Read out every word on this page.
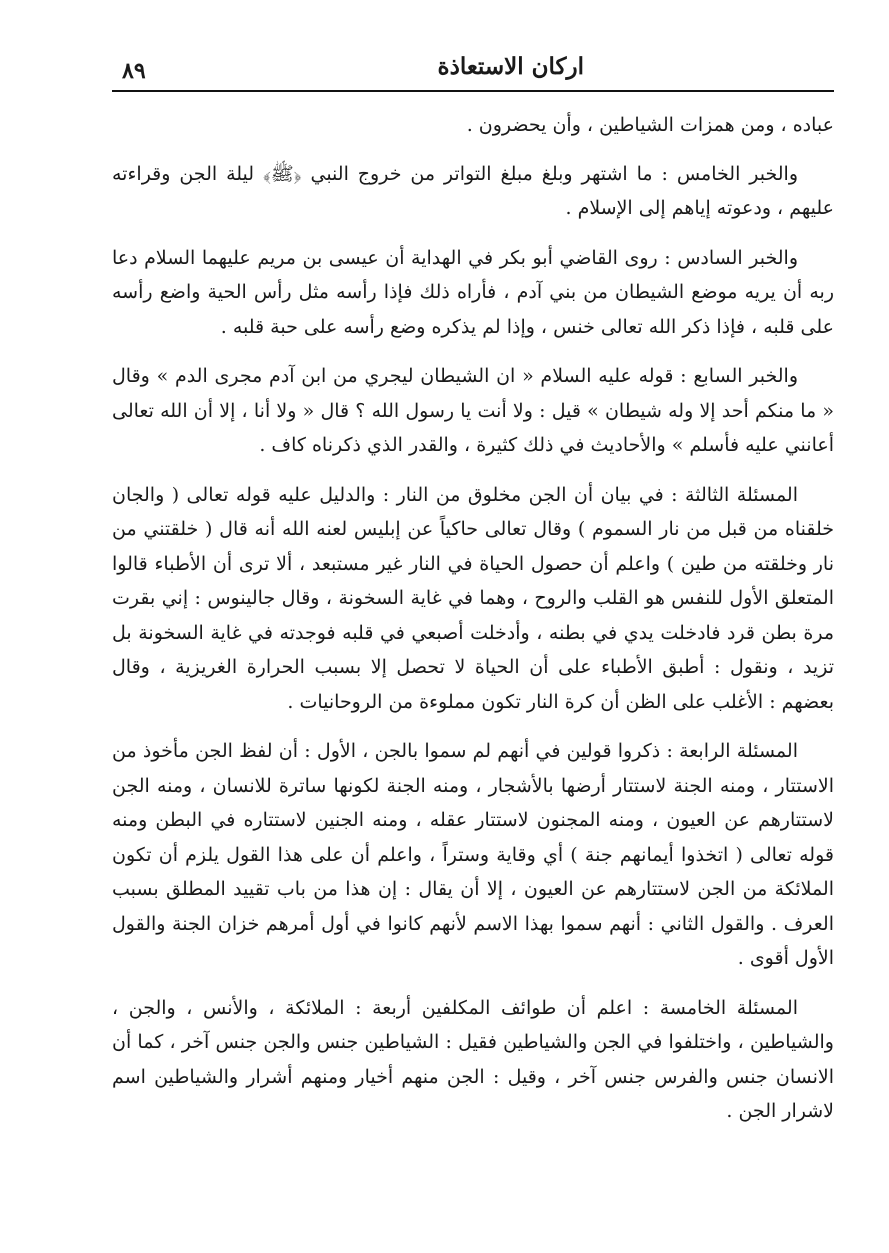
اركان الاستعاذة
٨٩

عباده ، ومن همزات الشياطين ، وأن يحضرون .

والخبر الخامس : ما اشتهر وبلغ مبلغ التواتر من خروج النبي ﴿ﷺ﴾ ليلة الجن وقراءته عليهم ، ودعوته إياهم إلى الإسلام .

والخبر السادس : روى القاضي أبو بكر في الهداية أن عيسى بن مريم عليهما السلام دعا ربه أن يريه موضع الشيطان من بني آدم ، فأراه ذلك فإذا رأسه مثل رأس الحية واضع رأسه على قلبه ، فإذا ذكر الله تعالى خنس ، وإذا لم يذكره وضع رأسه على حبة قلبه .

والخبر السابع : قوله عليه السلام « ان الشيطان ليجري من ابن آدم مجرى الدم » وقال « ما منكم أحد إلا وله شيطان » قيل : ولا أنت يا رسول الله ؟ قال « ولا أنا ، إلا أن الله تعالى أعانني عليه فأسلم » والأحاديث في ذلك كثيرة ، والقدر الذي ذكرناه كاف .

المسئلة الثالثة : في بيان أن الجن مخلوق من النار : والدليل عليه قوله تعالى ( والجان خلقناه من قبل من نار السموم ) وقال تعالى حاكياً عن إبليس لعنه الله أنه قال ( خلقتني من نار وخلقته من طين ) واعلم أن حصول الحياة في النار غير مستبعد ، ألا ترى أن الأطباء قالوا المتعلق الأول للنفس هو القلب والروح ، وهما في غاية السخونة ، وقال جالينوس : إني بقرت مرة بطن قرد فادخلت يدي في بطنه ، وأدخلت أصبعي في قلبه فوجدته في غاية السخونة بل تزيد ، ونقول : أطبق الأطباء على أن الحياة لا تحصل إلا بسبب الحرارة الغريزية ، وقال بعضهم : الأغلب على الظن أن كرة النار تكون مملوءة من الروحانيات .

المسئلة الرابعة : ذكروا قولين في أنهم لم سموا بالجن ، الأول : أن لفظ الجن مأخوذ من الاستتار ، ومنه الجنة لاستتار أرضها بالأشجار ، ومنه الجنة لكونها ساترة للانسان ، ومنه الجن لاستتارهم عن العيون ، ومنه المجنون لاستتار عقله ، ومنه الجنين لاستتاره في البطن ومنه قوله تعالى ( اتخذوا أيمانهم جنة ) أي وقاية وستراً ، واعلم أن على هذا القول يلزم أن تكون الملائكة من الجن لاستتارهم عن العيون ، إلا أن يقال : إن هذا من باب تقييد المطلق بسبب العرف . والقول الثاني : أنهم سموا بهذا الاسم لأنهم كانوا في أول أمرهم خزان الجنة والقول الأول أقوى .

المسئلة الخامسة : اعلم أن طوائف المكلفين أربعة : الملائكة ، والأنس ، والجن ، والشياطين ، واختلفوا في الجن والشياطين فقيل : الشياطين جنس والجن جنس آخر ، كما أن الانسان جنس والفرس جنس آخر ، وقيل : الجن منهم أخيار ومنهم أشرار والشياطين اسم لاشرار الجن .
